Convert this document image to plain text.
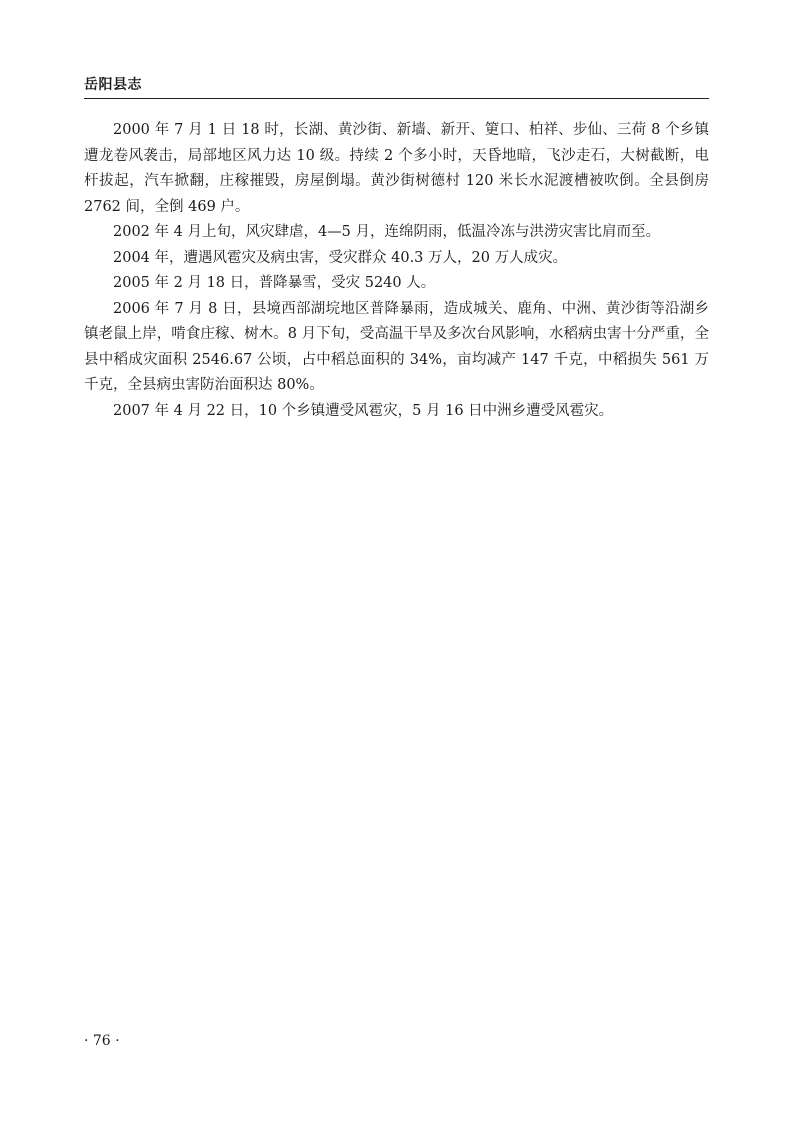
岳阳县志

2000 年 7 月 1 日 18 时，长湖、黄沙街、新墙、新开、筻口、柏祥、步仙、三荷 8 个乡镇遭龙卷风袭击，局部地区风力达 10 级。持续 2 个多小时，天昏地暗，飞沙走石，大树截断，电杆拔起，汽车掀翻，庄稼摧毁，房屋倒塌。黄沙街树德村 120 米长水泥渡槽被吹倒。全县倒房 2762 间，全倒 469 户。

2002 年 4 月上旬，风灾肆虐，4—5 月，连绵阴雨，低温冷冻与洪涝灾害比肩而至。

2004 年，遭遇风雹灾及病虫害，受灾群众 40.3 万人，20 万人成灾。

2005 年 2 月 18 日，普降暴雪，受灾 5240 人。

2006 年 7 月 8 日，县境西部湖垸地区普降暴雨，造成城关、鹿角、中洲、黄沙街等沿湖乡镇老鼠上岸，啃食庄稼、树木。8 月下旬，受高温干旱及多次台风影响，水稻病虫害十分严重，全县中稻成灾面积 2546.67 公顷，占中稻总面积的 34%，亩均减产 147 千克，中稻损失 561 万千克，全县病虫害防治面积达 80%。

2007 年 4 月 22 日，10 个乡镇遭受风雹灾，5 月 16 日中洲乡遭受风雹灾。

· 76 ·
